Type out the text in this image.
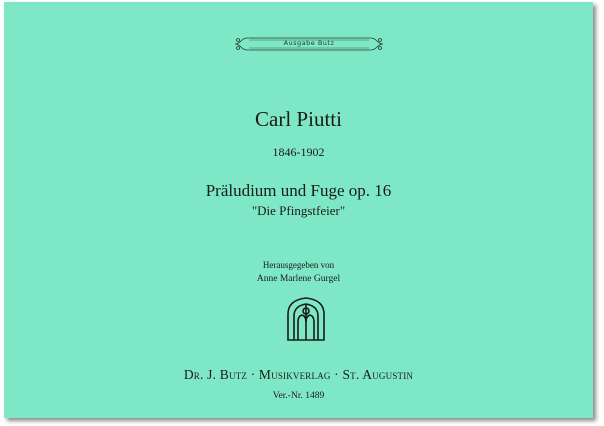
Ausgabe Butz
Carl Piutti
1846-1902
Präludium und Fuge op. 16
"Die Pfingstfeier"
Herausgegeben von
Anne Marlene Gurgel
Dr. J. Butz · Musikverlag · St. Augustin
Ver.-Nr. 1489
